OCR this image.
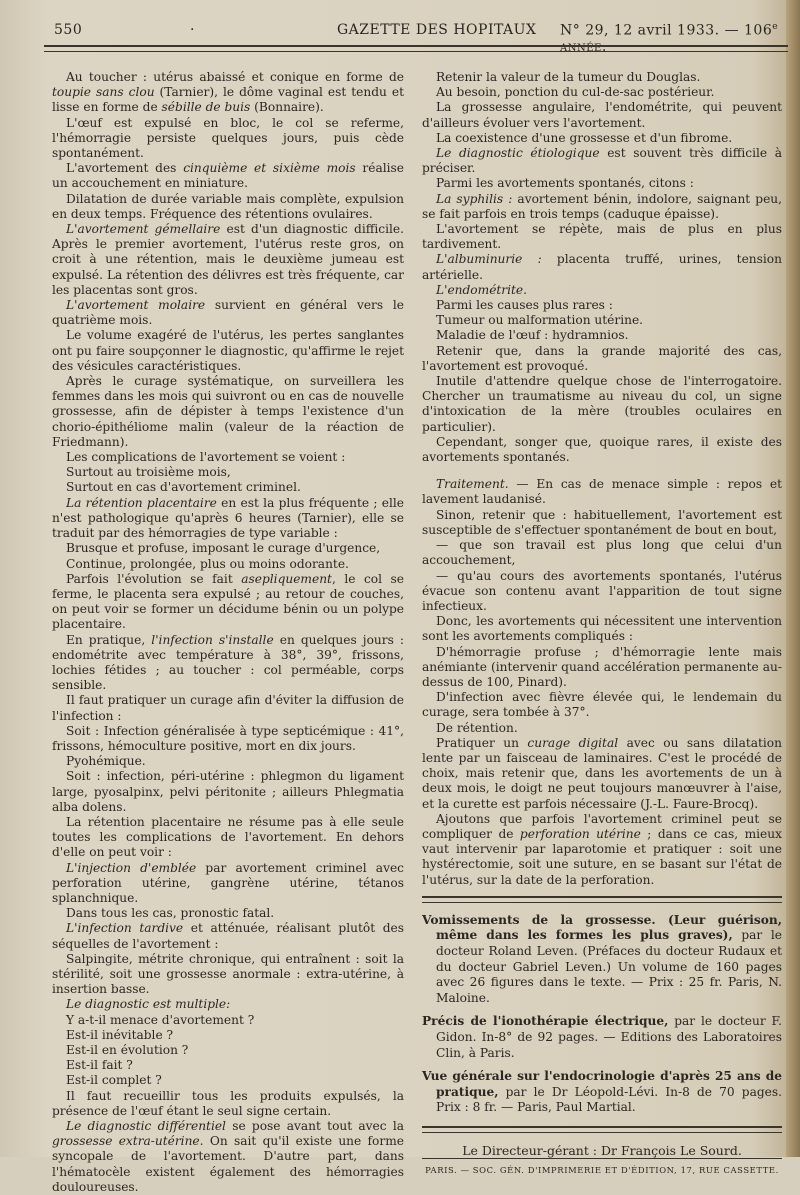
550	·	GAZETTE DES HOPITAUX N° 29, 12 avril 1933. — 106e année.

Au toucher : utérus abaissé et conique en forme de toupie sans clou (Tarnier), le dôme vaginal est tendu et lisse en forme de sébille de buis (Bonnaire).

L'œuf est expulsé en bloc, le col se referme, l'hémorragie persiste quelques jours, puis cède spontanément.

L'avortement des cinquième et sixième mois réalise un accouchement en miniature.

Dilatation de durée variable mais complète, expulsion en deux temps. Fréquence des rétentions ovulaires.

L'avortement gémellaire est d'un diagnostic difficile. Après le premier avortement, l'utérus reste gros, on croit à une rétention, mais le deuxième jumeau est expulsé. La rétention des délivres est très fréquente, car les placentas sont gros.

L'avortement molaire survient en général vers le quatrième mois.

Le volume exagéré de l'utérus, les pertes sanglantes ont pu faire soupçonner le diagnostic, qu'affirme le rejet des vésicules caractéristiques.

Après le curage systématique, on surveillera les femmes dans les mois qui suivront ou en cas de nouvelle grossesse, afin de dépister à temps l'existence d'un chorio-épithéliome malin (valeur de la réaction de Friedmann).

Les complications de l'avortement se voient :

Surtout au troisième mois,

Surtout en cas d'avortement criminel.

La rétention placentaire en est la plus fréquente ; elle n'est pathologique qu'après 6 heures (Tarnier), elle se traduit par des hémorragies de type variable :

Brusque et profuse, imposant le curage d'urgence,

Continue, prolongée, plus ou moins odorante.

Parfois l'évolution se fait asepliquement, le col se ferme, le placenta sera expulsé ; au retour de couches, on peut voir se former un décidume bénin ou un polype placentaire.

En pratique, l'infection s'installe en quelques jours : endométrite avec température à 38°, 39°, frissons, lochies fétides ; au toucher : col perméable, corps sensible.

Il faut pratiquer un curage afin d'éviter la diffusion de l'infection :

Soit : Infection généralisée à type septicémique : 41°, frissons, hémoculture positive, mort en dix jours.

Pyohémique.

Soit : infection, péri-utérine : phlegmon du ligament large, pyosalpinx, pelvi péritonite ; ailleurs Phlegmatia alba dolens.

La rétention placentaire ne résume pas à elle seule toutes les complications de l'avortement. En dehors d'elle on peut voir :

L'injection d'emblée par avortement criminel avec perforation utérine, gangrène utérine, tétanos splanchnique.

Dans tous les cas, pronostic fatal.

L'infection tardive et atténuée, réalisant plutôt des séquelles de l'avortement :

Salpingite, métrite chronique, qui entraînent : soit la stérilité, soit une grossesse anormale : extra-utérine, à insertion basse.

Le diagnostic est multiple:

Y a-t-il menace d'avortement ?

Est-il inévitable ?

Est-il en évolution ?

Est-il fait ?

Est-il complet ?

Il faut recueillir tous les produits expulsés, la présence de l'œuf étant le seul signe certain.

Le diagnostic différentiel se pose avant tout avec la grossesse extra-utérine. On sait qu'il existe une forme syncopale de l'avortement. D'autre part, dans l'hématocèle existent également des hémorragies douloureuses.

Retenir la valeur de la tumeur du Douglas.

Au besoin, ponction du cul-de-sac postérieur.

La grossesse angulaire, l'endométrite, qui peuvent d'ailleurs évoluer vers l'avortement.

La coexistence d'une grossesse et d'un fibrome.

Le diagnostic étiologique est souvent très difficile à préciser.

Parmi les avortements spontanés, citons :

La syphilis : avortement bénin, indolore, saignant peu, se fait parfois en trois temps (caduque épaisse).

L'avortement se répète, mais de plus en plus tardivement.

L'albuminurie : placenta truffé, urines, tension artérielle.

L'endométrite.

Parmi les causes plus rares :

Tumeur ou malformation utérine.

Maladie de l'œuf : hydramnios.

Retenir que, dans la grande majorité des cas, l'avortement est provoqué.

Inutile d'attendre quelque chose de l'interrogatoire. Chercher un traumatisme au niveau du col, un signe d'intoxication de la mère (troubles oculaires en particulier).

Cependant, songer que, quoique rares, il existe des avortements spontanés.

Traitement. — En cas de menace simple : repos et lavement laudanisé.

Sinon, retenir que : habituellement, l'avortement est susceptible de s'effectuer spontanément de bout en bout,

— que son travail est plus long que celui d'un accouchement,

— qu'au cours des avortements spontanés, l'utérus évacue son contenu avant l'apparition de tout signe infectieux.

Donc, les avortements qui nécessitent une intervention sont les avortements compliqués :

D'hémorragie profuse ; d'hémorragie lente mais anémiante (intervenir quand accélération permanente au-dessus de 100, Pinard).

D'infection avec fièvre élevée qui, le lendemain du curage, sera tombée à 37°.

De rétention.

Pratiquer un curage digital avec ou sans dilatation lente par un faisceau de laminaires. C'est le procédé de choix, mais retenir que, dans les avortements de un à deux mois, le doigt ne peut toujours manœuvrer à l'aise, et la curette est parfois nécessaire (J.-L. Faure-Brocq).

Ajoutons que parfois l'avortement criminel peut se compliquer de perforation utérine ; dans ce cas, mieux vaut intervenir par laparotomie et pratiquer : soit une hystérectomie, soit une suture, en se basant sur l'état de l'utérus, sur la date de la perforation.

Vomissements de la grossesse. (Leur guérison, même dans les formes les plus graves), par le docteur Roland Leven. (Préfaces du docteur Rudaux et du docteur Gabriel Leven.) Un volume de 160 pages avec 26 figures dans le texte. — Prix : 25 fr. Paris, N. Maloine.

Précis de l'ionothérapie électrique, par le docteur F. Gidon. In-8° de 92 pages. — Editions des Laboratoires Clin, à Paris.

Vue générale sur l'endocrinologie d'après 25 ans de pratique, par le Dr Léopold-Lévi. In-8 de 70 pages. Prix : 8 fr. — Paris, Paul Martial.

Le Directeur-gérant : Dr François Le Sourd.

PARIS. — SOC. GÉN. D'IMPRIMERIE ET D'ÉDITION, 17, RUE CASSETTE.
